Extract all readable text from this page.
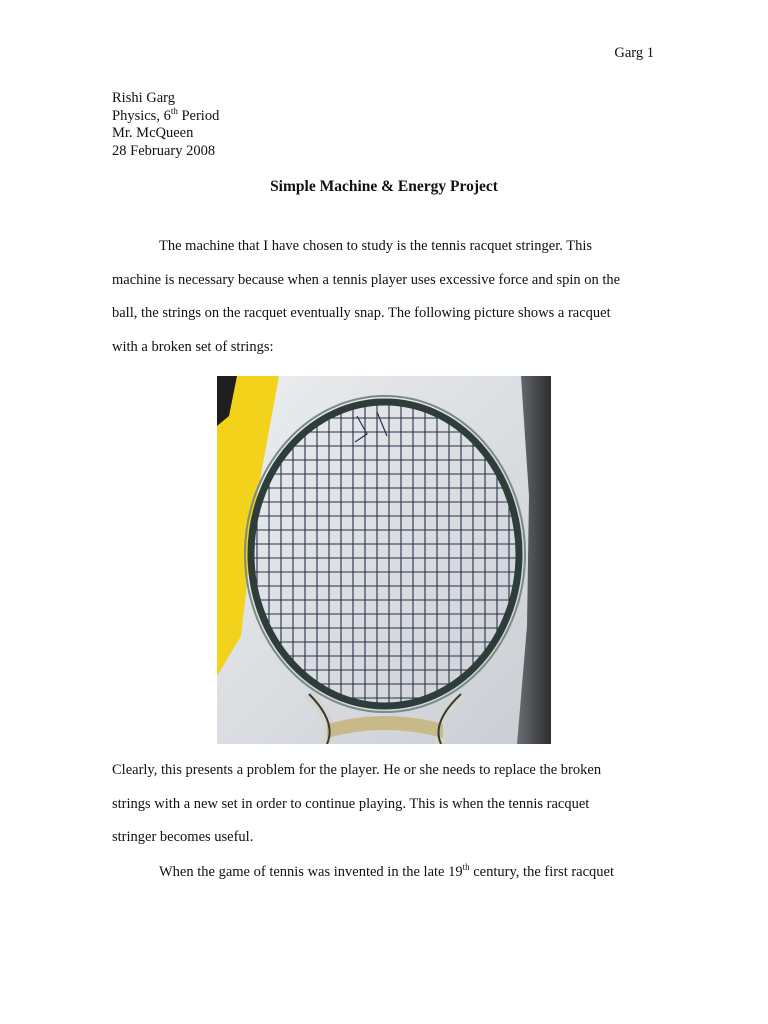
Garg 1
Rishi Garg
Physics, 6th Period
Mr. McQueen
28 February 2008
Simple Machine & Energy Project

The machine that I have chosen to study is the tennis racquet stringer. This
machine is necessary because when a tennis player uses excessive force and spin on the
ball, the strings on the racquet eventually snap. The following picture shows a racquet
with a broken set of strings:

Clearly, this presents a problem for the player. He or she needs to replace the broken
strings with a new set in order to continue playing. This is when the tennis racquet
stringer becomes useful.

When the game of tennis was invented in the late 19th century, the first racquet
